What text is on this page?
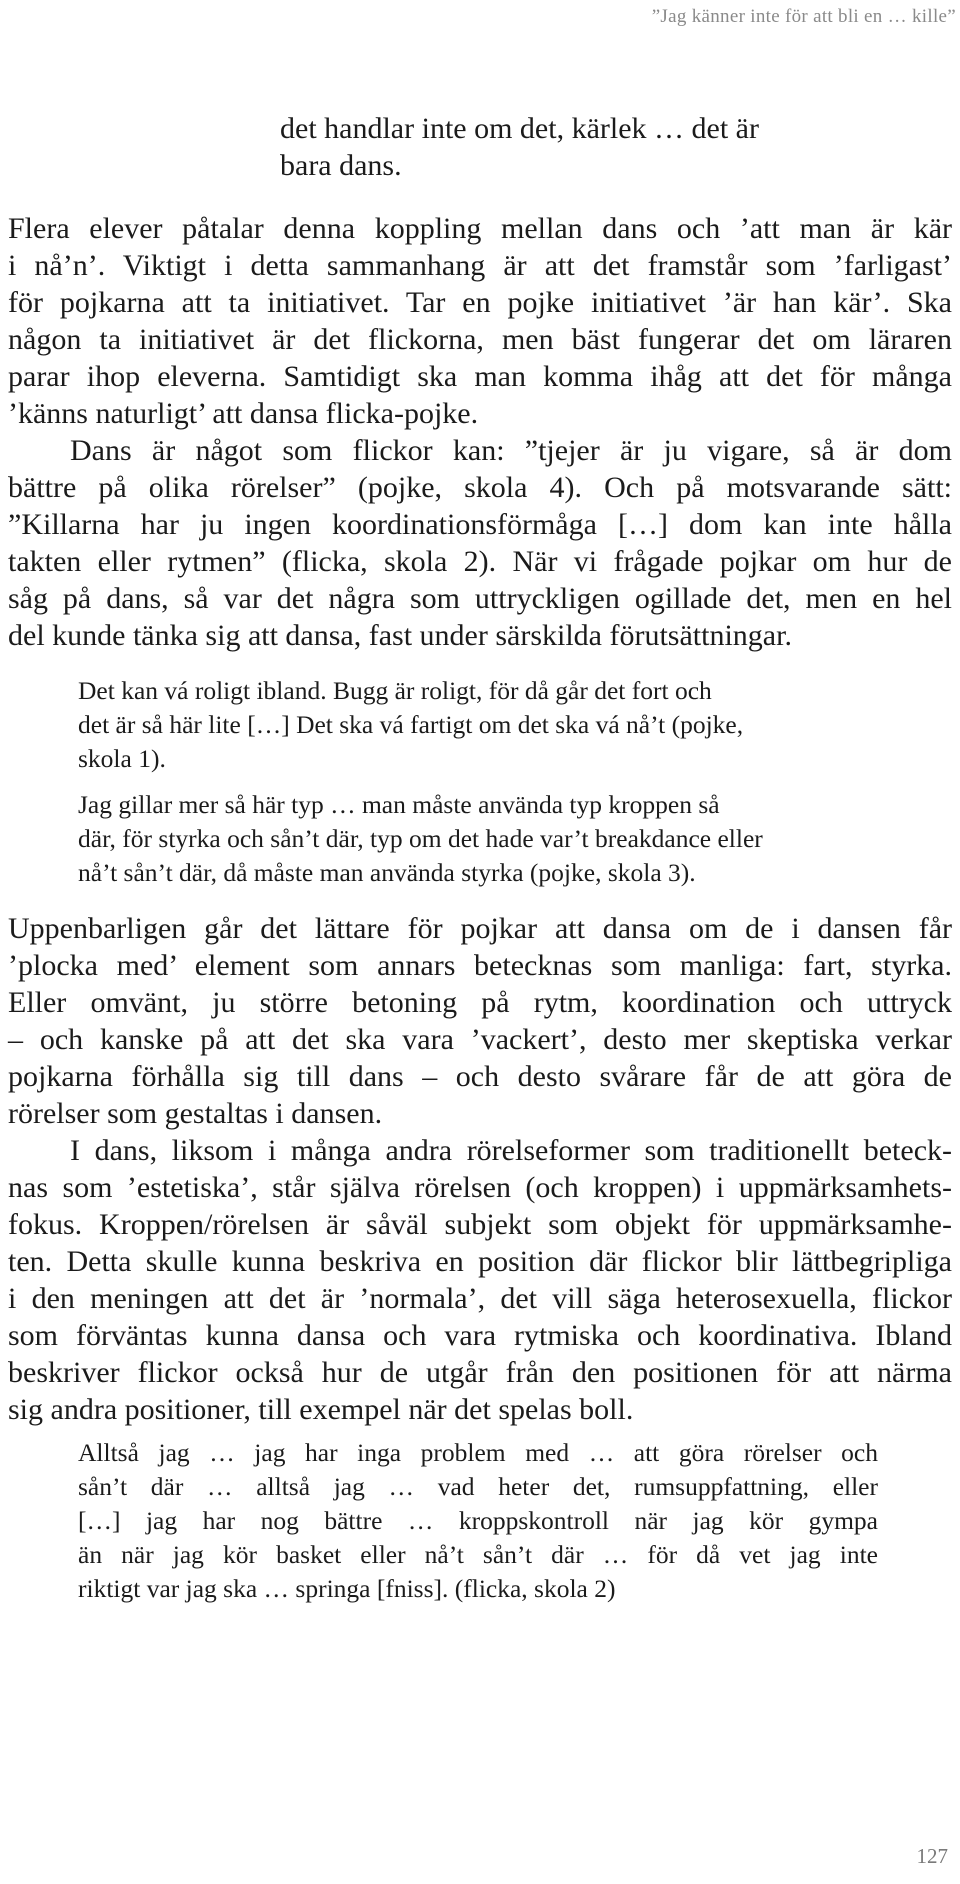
”Jag känner inte för att bli en … kille”
det handlar inte om det, kärlek … det är
bara dans.
Flera elever påtalar denna koppling mellan dans och ’att man är kär
i nå’n’. Viktigt i detta sammanhang är att det framstår som ’farligast’
för pojkarna att ta initiativet. Tar en pojke initiativet ’är han kär’. Ska
någon ta initiativet är det flickorna, men bäst fungerar det om läraren
parar ihop eleverna. Samtidigt ska man komma ihåg att det för många
’känns naturligt’ att dansa flicka-pojke.
Dans är något som flickor kan: ”tjejer är ju vigare, så är dom
bättre på olika rörelser” (pojke, skola 4). Och på motsvarande sätt:
”Killarna har ju ingen koordinationsförmåga […] dom kan inte hålla
takten eller rytmen” (flicka, skola 2). När vi frågade pojkar om hur de
såg på dans, så var det några som uttryckligen ogillade det, men en hel
del kunde tänka sig att dansa, fast under särskilda förutsättningar.
Det kan vá roligt ibland. Bugg är roligt, för då går det fort och
det är så här lite […] Det ska vá fartigt om det ska vá nå’t (pojke,
skola 1).
Jag gillar mer så här typ … man måste använda typ kroppen så
där, för styrka och sån’t där, typ om det hade var’t breakdance eller
nå’t sån’t där, då måste man använda styrka (pojke, skola 3).
Uppenbarligen går det lättare för pojkar att dansa om de i dansen får
’plocka med’ element som annars betecknas som manliga: fart, styrka.
Eller omvänt, ju större betoning på rytm, koordination och uttryck
– och kanske på att det ska vara ’vackert’, desto mer skeptiska verkar
pojkarna förhålla sig till dans – och desto svårare får de att göra de
rörelser som gestaltas i dansen.
I dans, liksom i många andra rörelseformer som traditionellt beteck-
nas som ’estetiska’, står själva rörelsen (och kroppen) i uppmärksamhets-
fokus. Kroppen/rörelsen är såväl subjekt som objekt för uppmärksamhe-
ten. Detta skulle kunna beskriva en position där flickor blir lättbegripliga
i den meningen att det är ’normala’, det vill säga heterosexuella, flickor
som förväntas kunna dansa och vara rytmiska och koordinativa. Ibland
beskriver flickor också hur de utgår från den positionen för att närma
sig andra positioner, till exempel när det spelas boll.
Alltså jag … jag har inga problem med … att göra rörelser och
sån’t där … alltså jag … vad heter det, rumsuppfattning, eller
[…] jag har nog bättre … kroppskontroll när jag kör gympa
än när jag kör basket eller nå’t sån’t där … för då vet jag inte
riktigt var jag ska … springa [fniss]. (flicka, skola 2)
127
